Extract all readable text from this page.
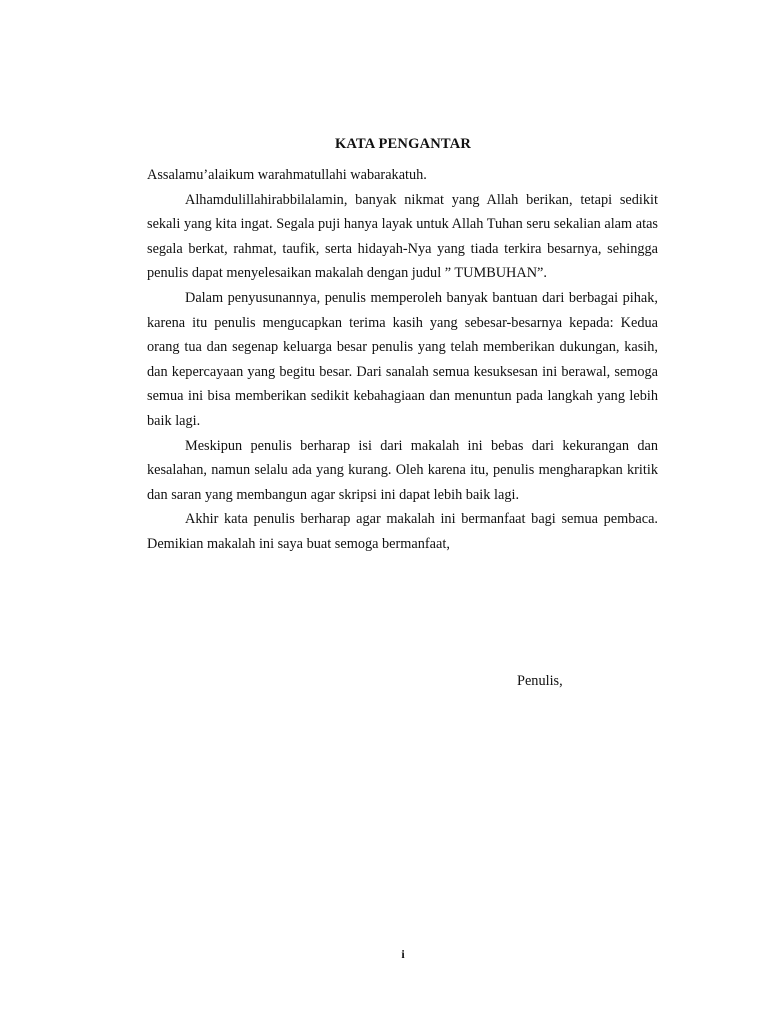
KATA PENGANTAR

Assalamu’alaikum warahmatullahi wabarakatuh.

Alhamdulillahirabbilalamin, banyak nikmat yang Allah berikan, tetapi sedikit sekali yang kita ingat. Segala puji hanya layak untuk Allah Tuhan seru sekalian alam atas segala berkat, rahmat, taufik, serta hidayah-Nya yang tiada terkira besarnya, sehingga penulis dapat menyelesaikan makalah dengan judul ” TUMBUHAN”.

Dalam penyusunannya, penulis memperoleh banyak bantuan dari berbagai pihak, karena itu penulis mengucapkan terima kasih yang sebesar-besarnya kepada: Kedua orang tua dan segenap keluarga besar penulis yang telah memberikan dukungan, kasih, dan kepercayaan yang begitu besar. Dari sanalah semua kesuksesan ini berawal, semoga semua ini bisa memberikan sedikit kebahagiaan dan menuntun pada langkah yang lebih baik lagi.

Meskipun penulis berharap isi dari makalah ini bebas dari kekurangan dan kesalahan, namun selalu ada yang kurang. Oleh karena itu, penulis mengharapkan kritik dan saran yang membangun agar skripsi ini dapat lebih baik lagi.

Akhir kata penulis berharap agar makalah ini bermanfaat bagi semua pembaca. Demikian makalah ini saya buat semoga bermanfaat,

Penulis,
i
